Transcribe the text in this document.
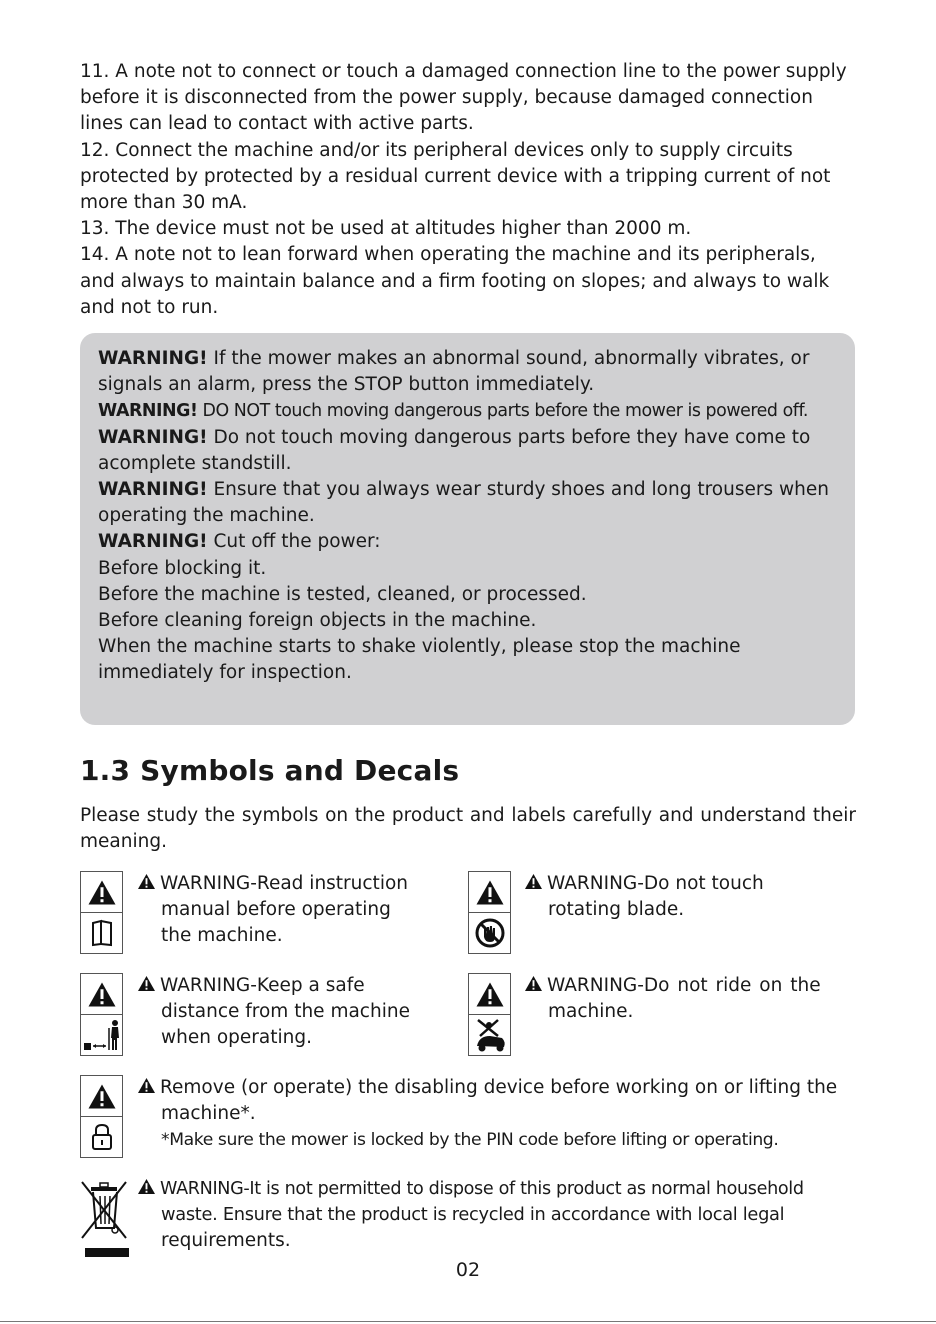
11. A note not to connect or touch a damaged connection line to the power supply before it is disconnected from the power supply, because damaged connection lines can lead to contact with active parts.

12. Connect the machine and/or its peripheral devices only to supply circuits protected by protected by a residual current device with a tripping current of not more than 30 mA.

13. The device must not be used at altitudes higher than 2000 m.

14. A note not to lean forward when operating the machine and its peripherals, and always to maintain balance and a firm footing on slopes; and always to walk and not to run.

WARNING! If the mower makes an abnormal sound, abnormally vibrates, or signals an alarm, press the STOP button immediately.

WARNING! DO NOT touch moving dangerous parts before the mower is powered off.

WARNING! Do not touch moving dangerous parts before they have come to acomplete standstill.

WARNING! Ensure that you always wear sturdy shoes and long trousers when operating the machine.

WARNING! Cut off the power:

Before blocking it.

Before the machine is tested, cleaned, or processed.

Before cleaning foreign objects in the machine.

When the machine starts to shake violently, please stop the machine immediately for inspection.

1.3 Symbols and Decals

Please study the symbols on the product and labels carefully and understand their meaning.

WARNING-Read instruction
manual before operating
the machine.
WARNING-Do not touch
rotating blade.
WARNING-Keep a safe
distance from the machine
when operating.
WARNING-Do not ride on the
machine.
Remove (or operate) the disabling device before working on or lifting the
machine*.
*Make sure the mower is locked by the PIN code before lifting or operating.
WARNING-It is not permitted to dispose of this product as normal household
waste. Ensure that the product is recycled in accordance with local legal
requirements.
02
